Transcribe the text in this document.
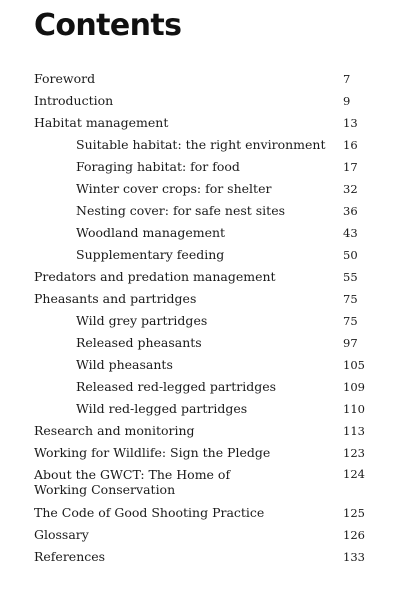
Contents
Foreword	7
Introduction	9
Habitat management	13
Suitable habitat: the right environment 16
Foraging habitat: for food	17
Winter cover crops: for shelter	32
Nesting cover: for safe nest sites	36
Woodland management	43
Supplementary feeding	50
Predators and predation management	55
Pheasants and partridges	75
Wild grey partridges	75
Released pheasants	97
Wild pheasants	105
Released red-legged partridges	109
Wild red-legged partridges	110
Research and monitoring	113
Working for Wildlife: Sign the Pledge	123
About the GWCT: The Home of
Working Conservation
124
The Code of Good Shooting Practice	125
Glossary	126
References	133
